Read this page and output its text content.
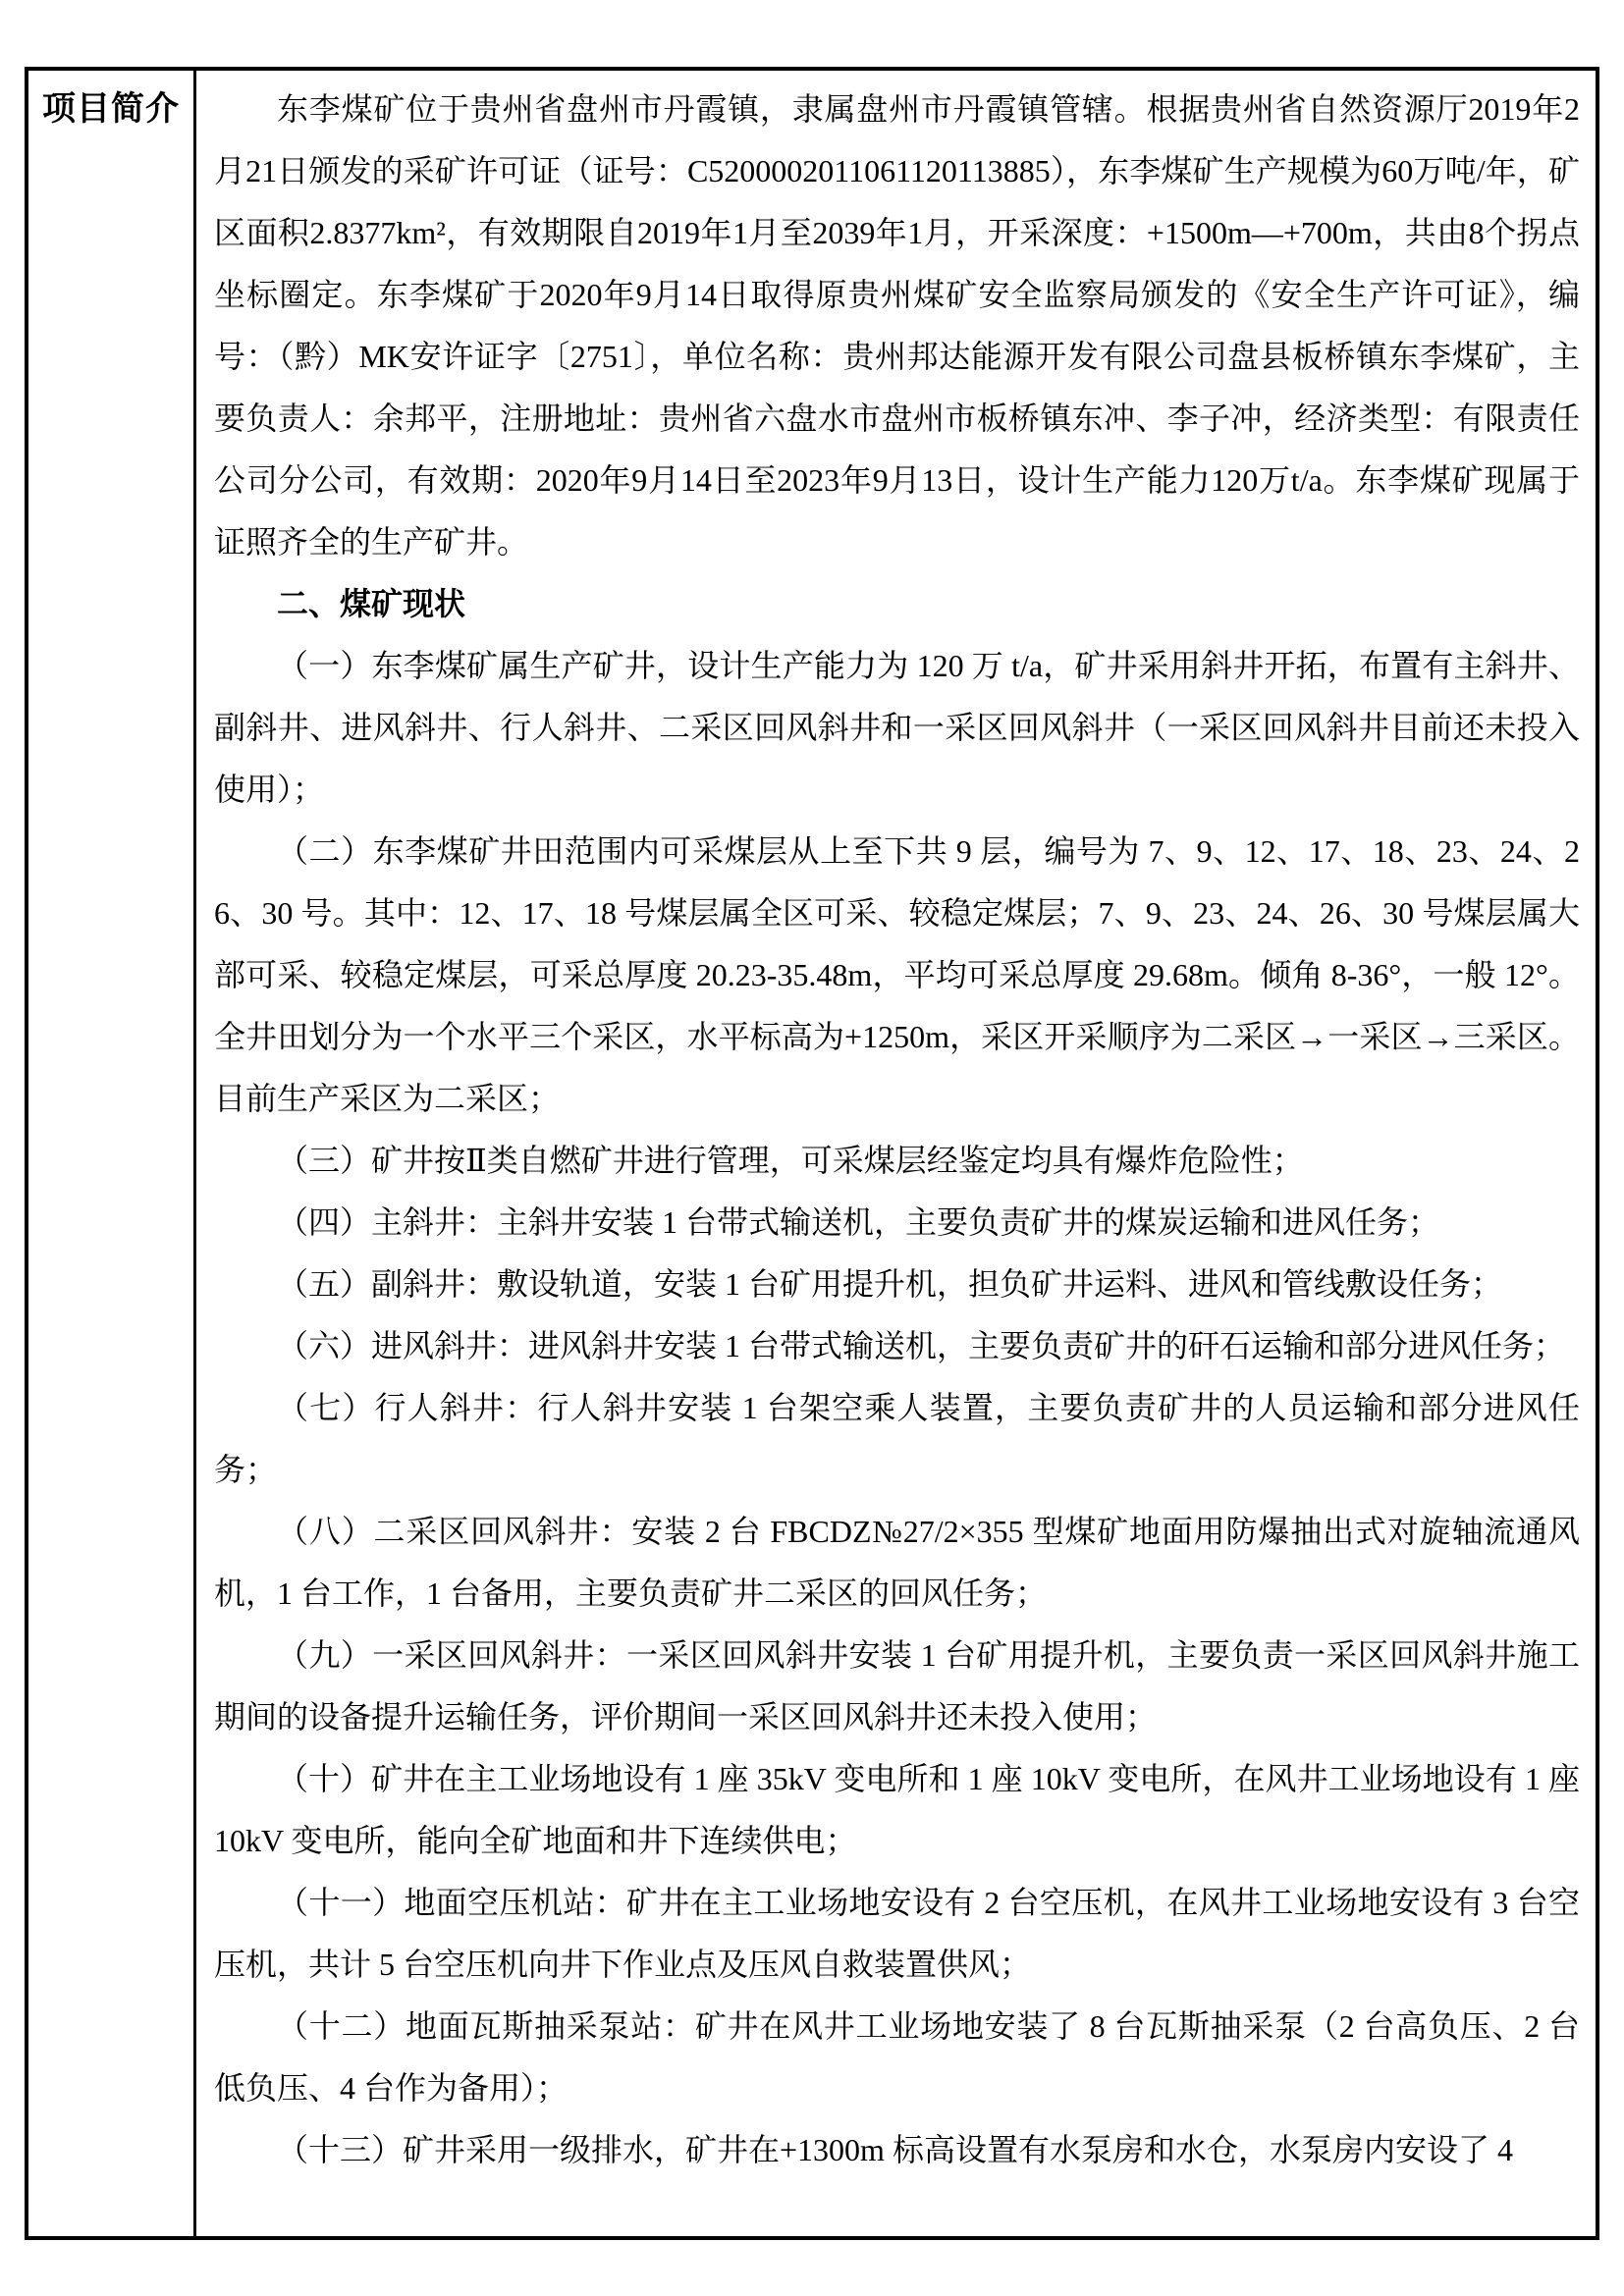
项目简介	东李煤矿位于贵州省盘州市丹霞镇，隶属盘州市丹霞镇管辖。根据贵州省自然资源厅2019年2月21日颁发的采矿许可证（证号：C5200002011061120113885），东李煤矿生产规模为60万吨/年，矿区面积2.8377km²，有效期限自2019年1月至2039年1月，开采深度：+1500m—+700m，共由8个拐点坐标圈定。东李煤矿于2020年9月14日取得原贵州煤矿安全监察局颁发的《安全生产许可证》，编号：（黔）MK安许证字〔2751〕，单位名称：贵州邦达能源开发有限公司盘县板桥镇东李煤矿，主要负责人：余邦平，注册地址：贵州省六盘水市盘州市板桥镇东冲、李子冲，经济类型：有限责任公司分公司，有效期：2020年9月14日至2023年9月13日，设计生产能力120万t/a。东李煤矿现属于证照齐全的生产矿井。

二、煤矿现状

（一）东李煤矿属生产矿井，设计生产能力为 120 万 t/a，矿井采用斜井开拓，布置有主斜井、副斜井、进风斜井、行人斜井、二采区回风斜井和一采区回风斜井（一采区回风斜井目前还未投入使用）；

（二）东李煤矿井田范围内可采煤层从上至下共 9 层，编号为 7、9、12、17、18、23、24、26、30 号。其中：12、17、18 号煤层属全区可采、较稳定煤层；7、9、23、24、26、30 号煤层属大部可采、较稳定煤层，可采总厚度 20.23-35.48m，平均可采总厚度 29.68m。倾角 8-36°，一般 12°。全井田划分为一个水平三个采区，水平标高为+1250m，采区开采顺序为二采区→一采区→三采区。目前生产采区为二采区；

（三）矿井按Ⅱ类自燃矿井进行管理，可采煤层经鉴定均具有爆炸危险性；

（四）主斜井：主斜井安装 1 台带式输送机，主要负责矿井的煤炭运输和进风任务；

（五）副斜井：敷设轨道，安装 1 台矿用提升机，担负矿井运料、进风和管线敷设任务；

（六）进风斜井：进风斜井安装 1 台带式输送机，主要负责矿井的矸石运输和部分进风任务；

（七）行人斜井：行人斜井安装 1 台架空乘人装置，主要负责矿井的人员运输和部分进风任务；

（八）二采区回风斜井：安装 2 台 FBCDZ№27/2×355 型煤矿地面用防爆抽出式对旋轴流通风机，1 台工作，1 台备用，主要负责矿井二采区的回风任务；

（九）一采区回风斜井：一采区回风斜井安装 1 台矿用提升机，主要负责一采区回风斜井施工期间的设备提升运输任务，评价期间一采区回风斜井还未投入使用；

（十）矿井在主工业场地设有 1 座 35kV 变电所和 1 座 10kV 变电所，在风井工业场地设有 1 座 10kV 变电所，能向全矿地面和井下连续供电；

（十一）地面空压机站：矿井在主工业场地安设有 2 台空压机，在风井工业场地安设有 3 台空压机，共计 5 台空压机向井下作业点及压风自救装置供风；

（十二）地面瓦斯抽采泵站：矿井在风井工业场地安装了 8 台瓦斯抽采泵（2 台高负压、2 台低负压、4 台作为备用）；

（十三）矿井采用一级排水，矿井在+1300m 标高设置有水泵房和水仓，水泵房内安设了 4
